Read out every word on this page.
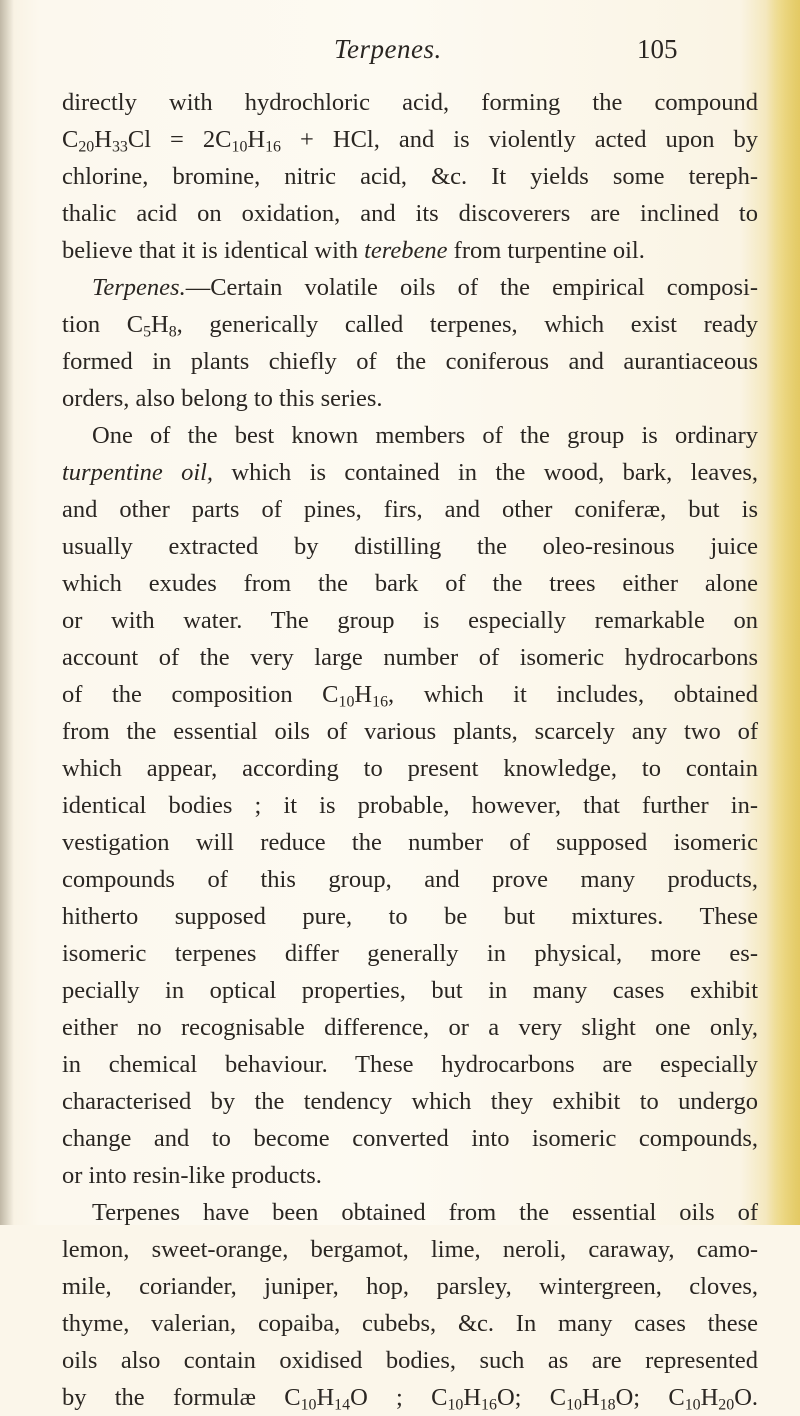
Terpenes.	105
directly with hydrochloric acid, forming the compound
$C_{20}H_{33}Cl = 2C_{10}H_{16}$ + HCl, and is violently acted upon by
chlorine, bromine, nitric acid, &c. It yields some tereph-
thalic acid on oxidation, and its discoverers are inclined to
believe that it is identical with terebene from turpentine oil.
Terpenes.—Certain volatile oils of the empirical composi-
tion $C_5H_8$, generically called terpenes, which exist ready
formed in plants chiefly of the coniferous and aurantiaceous
orders, also belong to this series.
One of the best known members of the group is ordinary
turpentine oil, which is contained in the wood, bark, leaves,
and other parts of pines, firs, and other coniferæ, but is
usually extracted by distilling the oleo-resinous juice
which exudes from the bark of the trees either alone
or with water. The group is especially remarkable on
account of the very large number of isomeric hydrocarbons
of the composition $C_{10}H_{16}$, which it includes, obtained
from the essential oils of various plants, scarcely any two of
which appear, according to present knowledge, to contain
identical bodies ; it is probable, however, that further in-
vestigation will reduce the number of supposed isomeric
compounds of this group, and prove many products,
hitherto supposed pure, to be but mixtures. These
isomeric terpenes differ generally in physical, more es-
pecially in optical properties, but in many cases exhibit
either no recognisable difference, or a very slight one only,
in chemical behaviour. These hydrocarbons are especially
characterised by the tendency which they exhibit to undergo
change and to become converted into isomeric compounds,
or into resin-like products.
Terpenes have been obtained from the essential oils of
lemon, sweet-orange, bergamot, lime, neroli, caraway, camo-
mile, coriander, juniper, hop, parsley, wintergreen, cloves,
thyme, valerian, copaiba, cubebs, &c. In many cases these
oils also contain oxidised bodies, such as are represented
by the formulæ $C_{10}H_{14}O$ ; $C_{10}H_{16}O$; $C_{10}H_{18}O$; $C_{10}H_{20}O$.
